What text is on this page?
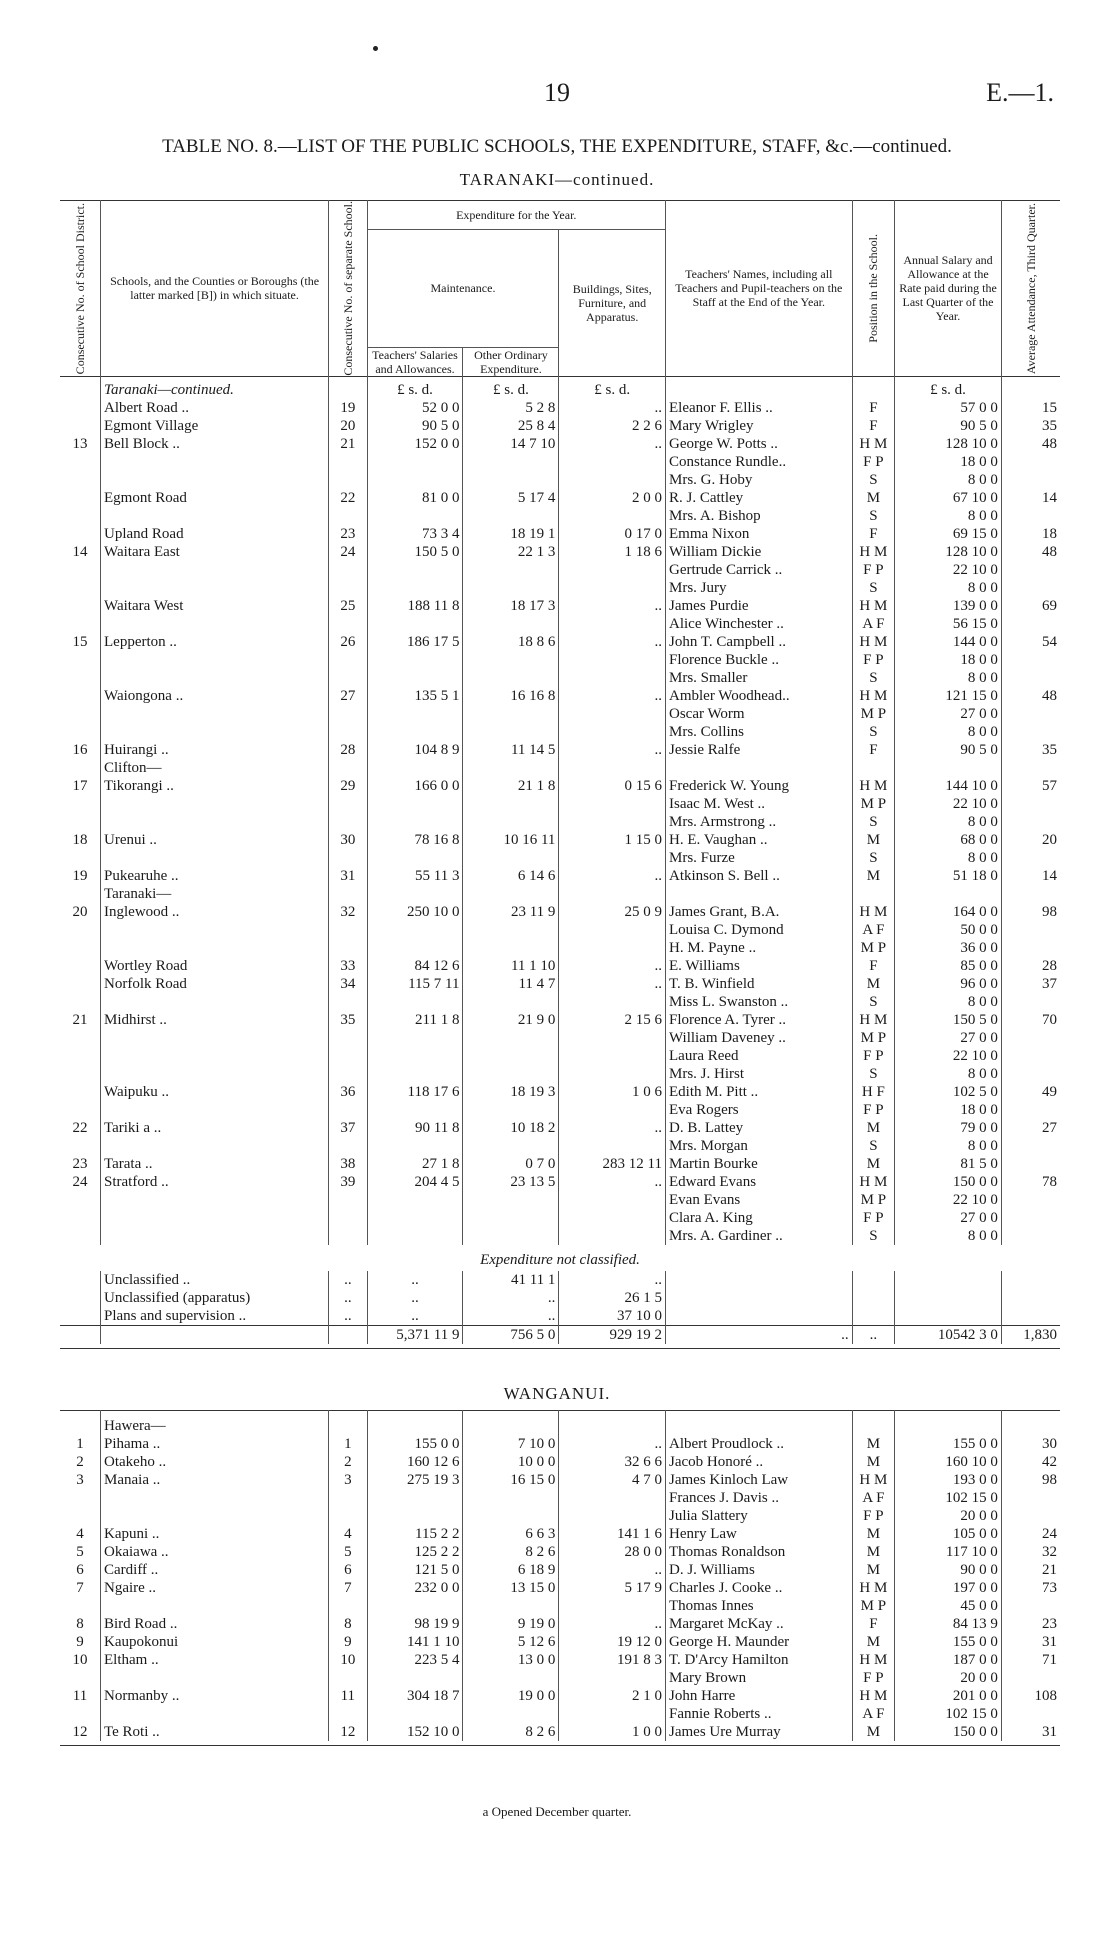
19	E.—1.
TABLE NO. 8.—LIST OF THE PUBLIC SCHOOLS, THE EXPENDITURE, STAFF, &c.—continued.
TARANAKI—continued.
Consecutive No. of School District.	Schools, and the Counties or Boroughs (the latter marked [B]) in which situate.	Consecutive No. of separate School.	Expenditure for the Year.			Teachers' Names, including all Teachers and Pupil-teachers on the Staff at the End of the Year.	Position in the School.	Annual Salary and Allowance at the Rate paid during the Last Quarter of the Year.	Average Attendance, Third Quarter.

			Maintenance.		Buildings, Sites, Furniture, and Apparatus.				
			Teachers' Salaries and Allowances.	Other Ordinary Expenditure.					
	Taranaki—continued.		£ s. d.	£ s. d.	£ s. d.			£ s. d.	
	Albert Road ..	19	52 0 0	5 2 8	..	Eleanor F. Ellis ..	F	57 0 0	15
	Egmont Village	20	90 5 0	25 8 4	2 2 6	Mary Wrigley	F	90 5 0	35
13	Bell Block ..	21	152 0 0	14 7 10	..	George W. Potts ..	H M	128 10 0	48
						Constance Rundle..	F P	18 0 0	
						Mrs. G. Hoby	S	8 0 0	
	Egmont Road	22	81 0 0	5 17 4	2 0 0	R. J. Cattley	M	67 10 0	14
						Mrs. A. Bishop	S	8 0 0	
	Upland Road	23	73 3 4	18 19 1	0 17 0	Emma Nixon	F	69 15 0	18
14	Waitara East	24	150 5 0	22 1 3	1 18 6	William Dickie	H M	128 10 0	48
						Gertrude Carrick ..	F P	22 10 0	
						Mrs. Jury	S	8 0 0	
	Waitara West	25	188 11 8	18 17 3	..	James Purdie	H M	139 0 0	69
						Alice Winchester ..	A F	56 15 0	
15	Lepperton ..	26	186 17 5	18 8 6	..	John T. Campbell ..	H M	144 0 0	54
						Florence Buckle ..	F P	18 0 0	
						Mrs. Smaller	S	8 0 0	
	Waiongona ..	27	135 5 1	16 16 8	..	Ambler Woodhead..	H M	121 15 0	48
						Oscar Worm	M P	27 0 0	
						Mrs. Collins	S	8 0 0	
16	Huirangi ..	28	104 8 9	11 14 5	..	Jessie Ralfe	F	90 5 0	35
	Clifton—								
17	Tikorangi ..	29	166 0 0	21 1 8	0 15 6	Frederick W. Young	H M	144 10 0	57
						Isaac M. West ..	M P	22 10 0	
						Mrs. Armstrong ..	S	8 0 0	
18	Urenui ..	30	78 16 8	10 16 11	1 15 0	H. E. Vaughan ..	M	68 0 0	20
						Mrs. Furze	S	8 0 0	
19	Pukearuhe ..	31	55 11 3	6 14 6	..	Atkinson S. Bell ..	M	51 18 0	14
	Taranaki—								
20	Inglewood ..	32	250 10 0	23 11 9	25 0 9	James Grant, B.A.	H M	164 0 0	98
						Louisa C. Dymond	A F	50 0 0	
						H. M. Payne ..	M P	36 0 0	
	Wortley Road	33	84 12 6	11 1 10	..	E. Williams	F	85 0 0	28
	Norfolk Road	34	115 7 11	11 4 7	..	T. B. Winfield	M	96 0 0	37
						Miss L. Swanston ..	S	8 0 0	
21	Midhirst ..	35	211 1 8	21 9 0	2 15 6	Florence A. Tyrer ..	H M	150 5 0	70
						William Daveney ..	M P	27 0 0	
						Laura Reed	F P	22 10 0	
						Mrs. J. Hirst	S	8 0 0	
	Waipuku ..	36	118 17 6	18 19 3	1 0 6	Edith M. Pitt ..	H F	102 5 0	49
						Eva Rogers	F P	18 0 0	
22	Tariki a ..	37	90 11 8	10 18 2	..	D. B. Lattey	M	79 0 0	27
						Mrs. Morgan	S	8 0 0	
23	Tarata ..	38	27 1 8	0 7 0	283 12 11	Martin Bourke	M	81 5 0	
24	Stratford ..	39	204 4 5	23 13 5	..	Edward Evans	H M	150 0 0	78
						Evan Evans	M P	22 10 0	
						Clara A. King	F P	27 0 0	
						Mrs. A. Gardiner ..	S	8 0 0	
Expenditure not classified.									
	Unclassified ..	..	..	41 11 1	..				
	Unclassified (apparatus)	..	..	..	26 1 5				
	Plans and supervision ..	..	..	..	37 10 0				
			5,371 11 9	756 5 0	929 19 2	..	..	10542 3 0	1,830

WANGANUI.
	Hawera—								
1	Pihama ..	1	155 0 0	7 10 0	..	Albert Proudlock ..	M	155 0 0	30
2	Otakeho ..	2	160 12 6	10 0 0	32 6 6	Jacob Honoré ..	M	160 10 0	42
3	Manaia ..	3	275 19 3	16 15 0	4 7 0	James Kinloch Law	H M	193 0 0	98
						Frances J. Davis ..	A F	102 15 0	
						Julia Slattery	F P	20 0 0	
4	Kapuni ..	4	115 2 2	6 6 3	141 1 6	Henry Law	M	105 0 0	24
5	Okaiawa ..	5	125 2 2	8 2 6	28 0 0	Thomas Ronaldson	M	117 10 0	32
6	Cardiff ..	6	121 5 0	6 18 9	..	D. J. Williams	M	90 0 0	21
7	Ngaire ..	7	232 0 0	13 15 0	5 17 9	Charles J. Cooke ..	H M	197 0 0	73
						Thomas Innes	M P	45 0 0	
8	Bird Road ..	8	98 19 9	9 19 0	..	Margaret McKay ..	F	84 13 9	23
9	Kaupokonui	9	141 1 10	5 12 6	19 12 0	George H. Maunder	M	155 0 0	31
10	Eltham ..	10	223 5 4	13 0 0	191 8 3	T. D'Arcy Hamilton	H M	187 0 0	71
						Mary Brown	F P	20 0 0	
11	Normanby ..	11	304 18 7	19 0 0	2 1 0	John Harre	H M	201 0 0	108
						Fannie Roberts ..	A F	102 15 0	
12	Te Roti ..	12	152 10 0	8 2 6	1 0 0	James Ure Murray	M	150 0 0	31

a Opened December quarter.
